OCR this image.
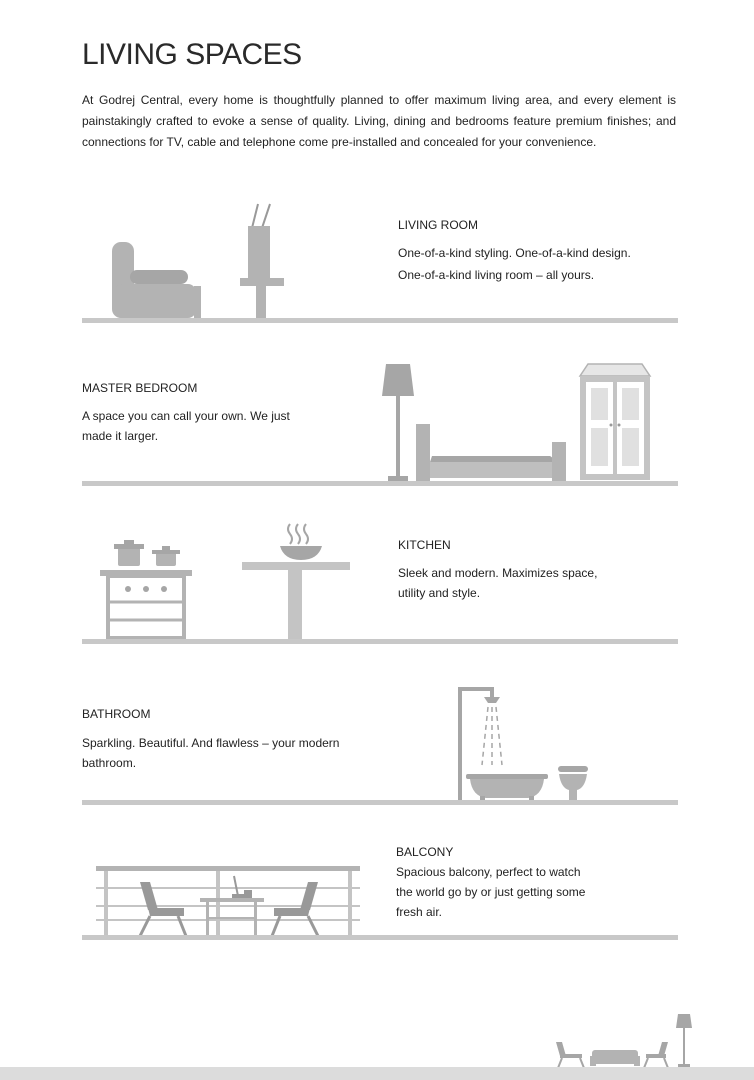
LIVING SPACES

At Godrej Central, every home is thoughtfully planned to offer maximum living area, and every element is painstakingly crafted to evoke a sense of quality. Living, dining and bedrooms feature premium finishes; and connections for TV, cable and telephone come pre-installed and concealed for your convenience.

LIVING ROOM

One-of-a-kind styling. One-of-a-kind design.

One-of-a-kind living room – all yours.

MASTER BEDROOM

A space you can call your own. We just

made it larger.

KITCHEN

Sleek and modern. Maximizes space,

utility and style.

BATHROOM

Sparkling. Beautiful. And flawless – your modern

bathroom.

BALCONY

Spacious balcony, perfect to watch

the world go by or just getting some

fresh air.
